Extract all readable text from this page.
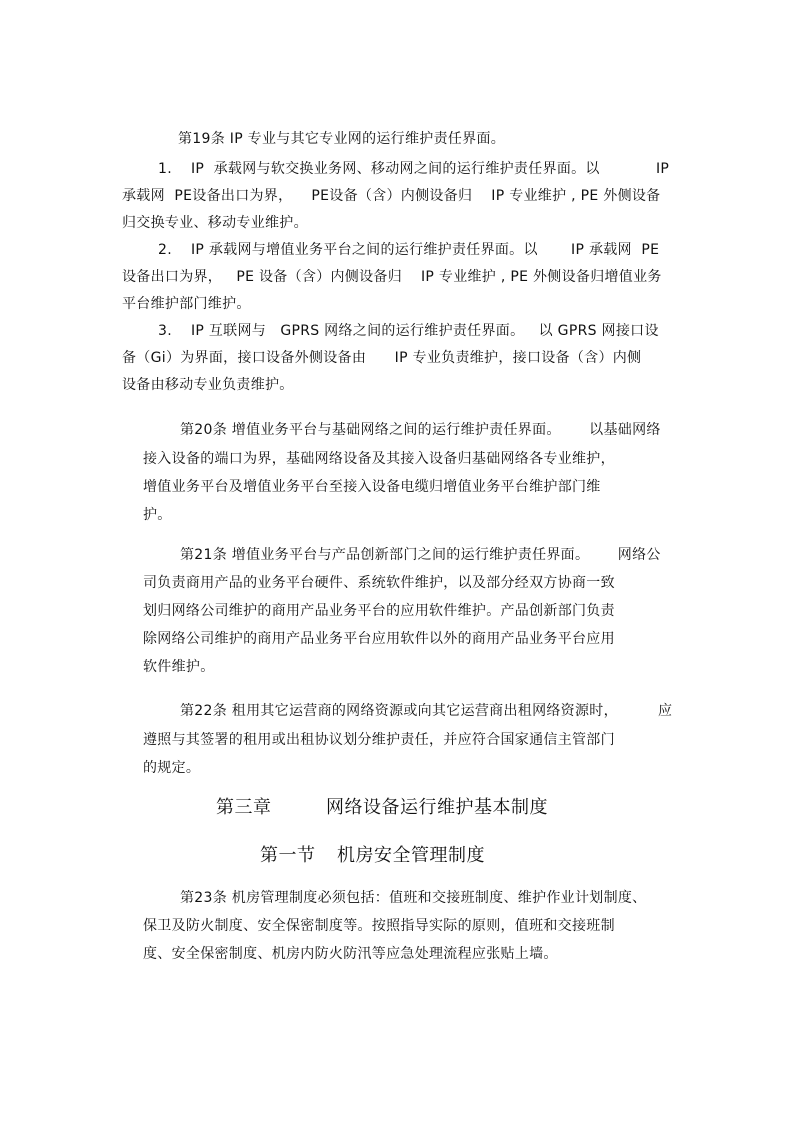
第19条 IP 专业与其它专业网的运行维护责任界面。
1.    IP  承载网与软交换业务网、移动网之间的运行维护责任界面。以	IP
承载网  PE设备出口为界，    PE设备（含）内侧设备归    IP 专业维护 , PE 外侧设备
归交换专业、移动专业维护。
2.    IP 承载网与增值业务平台之间的运行维护责任界面。以       IP 承载网  PE
设备出口为界，   PE 设备（含）内侧设备归    IP 专业维护 , PE 外侧设备归增值业务
平台维护部门维护。
3.    IP 互联网与   GPRS 网络之间的运行维护责任界面。   以 GPRS 网接口设
备（Gi）为界面，接口设备外侧设备由      IP 专业负责维护，接口设备（含）内侧
设备由移动专业负责维护。
第20条 增值业务平台与基础网络之间的运行维护责任界面。      以基础网络
接入设备的端口为界，基础网络设备及其接入设备归基础网络各专业维护，
增值业务平台及增值业务平台至接入设备电缆归增值业务平台维护部门维
护。
第21条 增值业务平台与产品创新部门之间的运行维护责任界面。      网络公
司负责商用产品的业务平台硬件、系统软件维护，以及部分经双方协商一致
划归网络公司维护的商用产品业务平台的应用软件维护。产品创新部门负责
除网络公司维护的商用产品业务平台应用软件以外的商用产品业务平台应用
软件维护。
第22条 租用其它运营商的网络资源或向其它运营商出租网络资源时，	应
遵照与其签署的租用或出租协议划分维护责任，并应符合国家通信主管部门
的规定。
第三章	网络设备运行维护基本制度
第一节 机房安全管理制度
第23条 机房管理制度必须包括：值班和交接班制度、维护作业计划制度、
保卫及防火制度、安全保密制度等。按照指导实际的原则，值班和交接班制
度、安全保密制度、机房内防火防汛等应急处理流程应张贴上墙。
